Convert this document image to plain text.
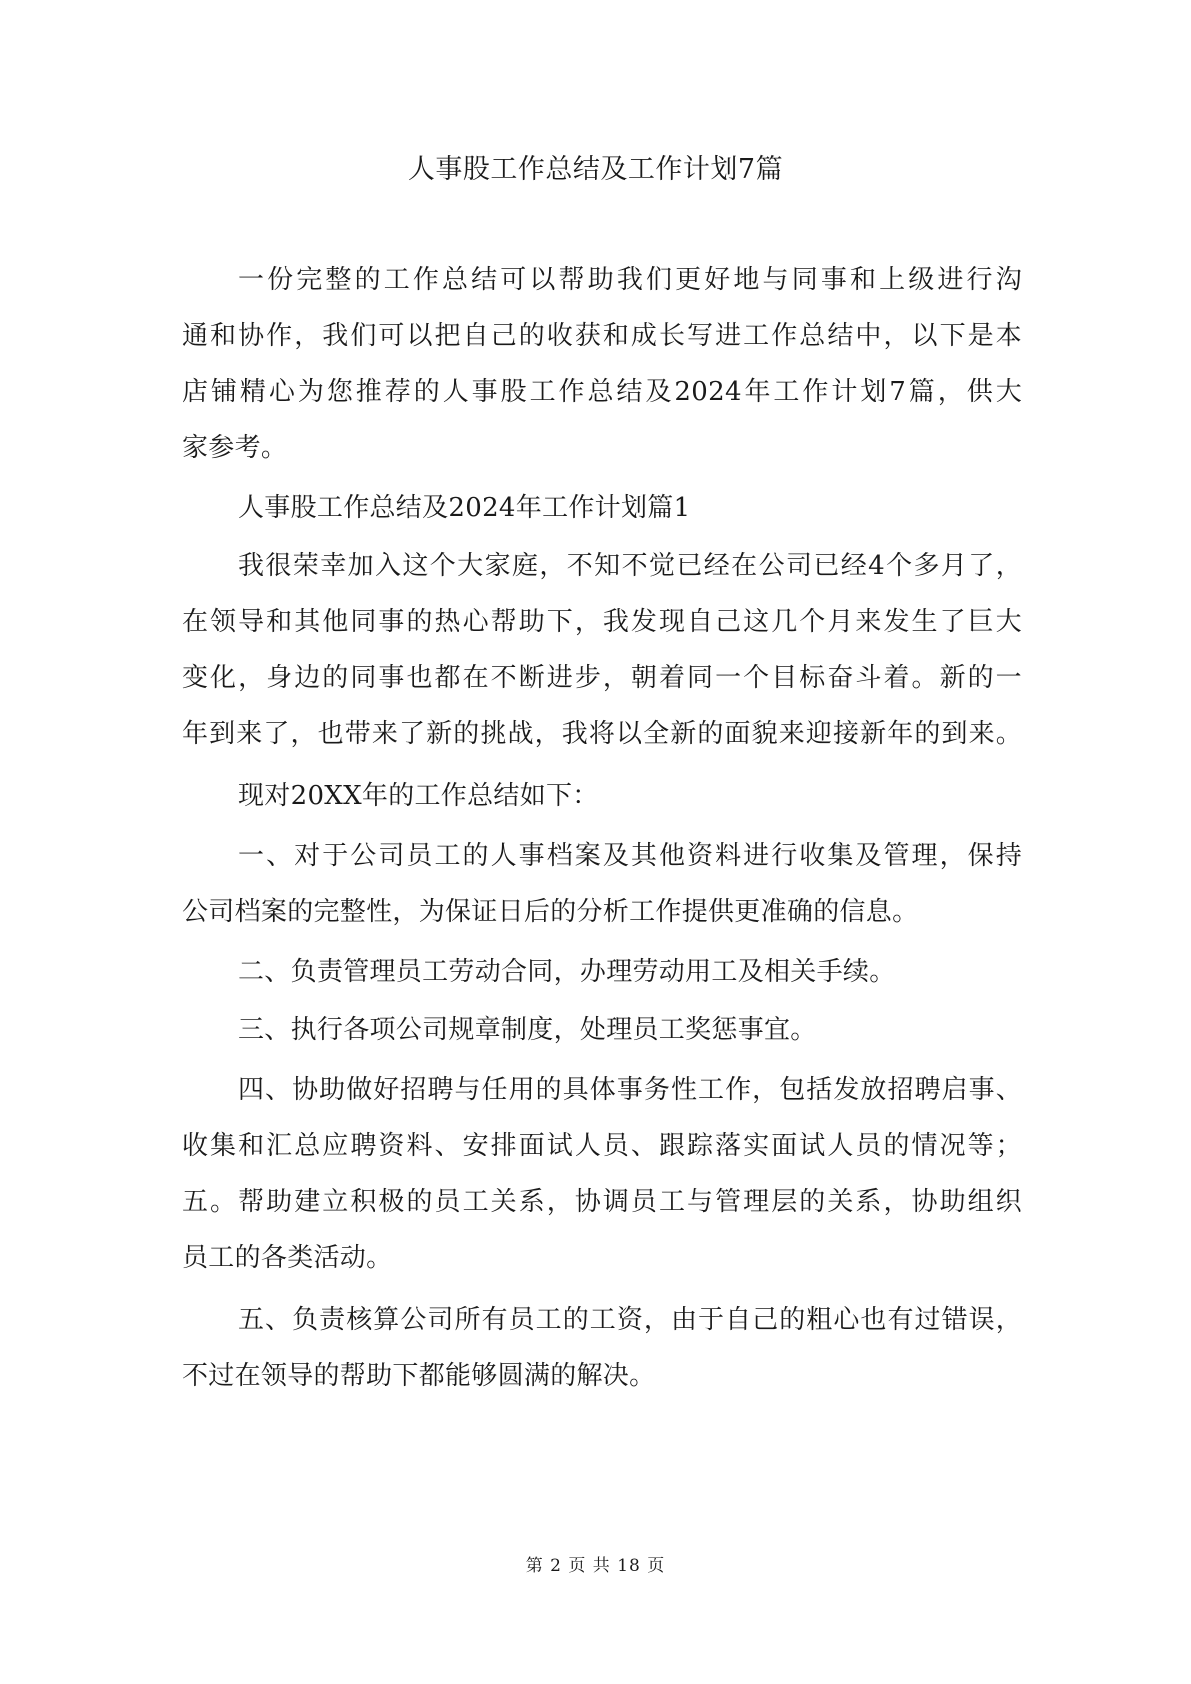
人事股工作总结及工作计划7篇
一份完整的工作总结可以帮助我们更好地与同事和上级进行沟
通和协作，我们可以把自己的收获和成长写进工作总结中，以下是本
店铺精心为您推荐的人事股工作总结及2024年工作计划7篇，供大
家参考。
人事股工作总结及2024年工作计划篇1
我很荣幸加入这个大家庭，不知不觉已经在公司已经4个多月了，
在领导和其他同事的热心帮助下，我发现自己这几个月来发生了巨大
变化，身边的同事也都在不断进步，朝着同一个目标奋斗着。新的一
年到来了，也带来了新的挑战，我将以全新的面貌来迎接新年的到来。
现对20XX年的工作总结如下：
一、对于公司员工的人事档案及其他资料进行收集及管理，保持
公司档案的完整性，为保证日后的分析工作提供更准确的信息。
二、负责管理员工劳动合同，办理劳动用工及相关手续。
三、执行各项公司规章制度，处理员工奖惩事宜。
四、协助做好招聘与任用的具体事务性工作，包括发放招聘启事、
收集和汇总应聘资料、安排面试人员、跟踪落实面试人员的情况等；
五。帮助建立积极的员工关系，协调员工与管理层的关系，协助组织
员工的各类活动。
五、负责核算公司所有员工的工资，由于自己的粗心也有过错误，
不过在领导的帮助下都能够圆满的解决。
第 2 页 共 18 页
